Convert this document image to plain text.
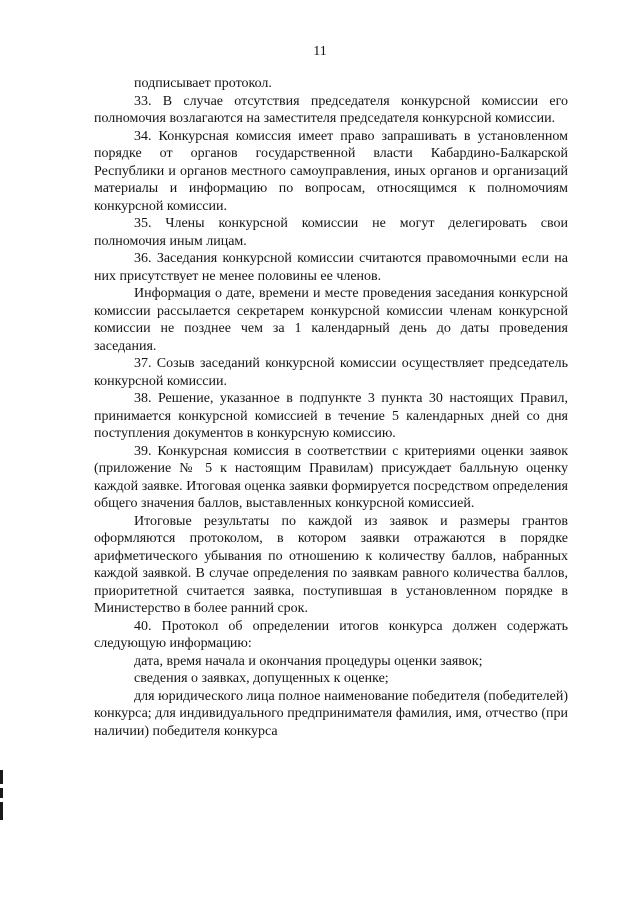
11

подписывает протокол.

33. В случае отсутствия председателя конкурсной комиссии его полномочия возлагаются на заместителя председателя конкурсной комиссии.

34. Конкурсная комиссия имеет право запрашивать в установленном порядке от органов государственной власти Кабардино-Балкарской Республики и органов местного самоуправления, иных органов и организаций материалы и информацию по вопросам, относящимся к полномочиям конкурсной комиссии.

35. Члены конкурсной комиссии не могут делегировать свои полномочия иным лицам.

36. Заседания конкурсной комиссии считаются правомочными если на них присутствует не менее половины ее членов.

Информация о дате, времени и месте проведения заседания конкурсной комиссии рассылается секретарем конкурсной комиссии членам конкурсной комиссии не позднее чем за 1 календарный день до даты проведения заседания.

37. Созыв заседаний конкурсной комиссии осуществляет председатель конкурсной комиссии.

38. Решение, указанное в подпункте 3 пункта 30 настоящих Правил, принимается конкурсной комиссией в течение 5 календарных дней со дня поступления документов в конкурсную комиссию.

39. Конкурсная комиссия в соответствии с критериями оценки заявок (приложение № 5 к настоящим Правилам) присуждает балльную оценку каждой заявке. Итоговая оценка заявки формируется посредством определения общего значения баллов, выставленных конкурсной комиссией.

Итоговые результаты по каждой из заявок и размеры грантов оформляются протоколом, в котором заявки отражаются в порядке арифметического убывания по отношению к количеству баллов, набранных каждой заявкой. В случае определения по заявкам равного количества баллов, приоритетной считается заявка, поступившая в установленном порядке в Министерство в более ранний срок.

40. Протокол об определении итогов конкурса должен содержать следующую информацию:

дата, время начала и окончания процедуры оценки заявок;

сведения о заявках, допущенных к оценке;

для юридического лица полное наименование победителя (победителей) конкурса; для индивидуального предпринимателя фамилия, имя, отчество (при наличии) победителя конкурса
